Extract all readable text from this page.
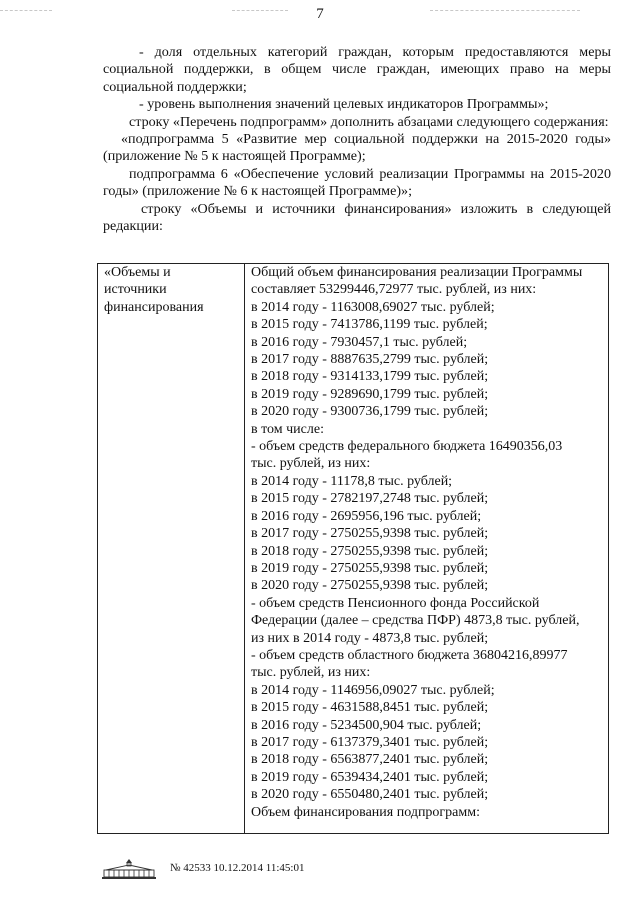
7

- доля отдельных категорий граждан, которым предоставляются меры социальной поддержки, в общем числе граждан, имеющих право на меры социальной поддержки;

- уровень выполнения значений целевых индикаторов Программы»;

строку «Перечень подпрограмм» дополнить абзацами следующего содержания:

«подпрограмма 5 «Развитие мер социальной поддержки на 2015-2020 годы» (приложение № 5 к настоящей Программе);

подпрограмма 6 «Обеспечение условий реализации Программы на 2015-2020 годы» (приложение № 6 к настоящей Программе)»;

строку «Объемы и источники финансирования» изложить в следующей редакции:

«Объемы и
источники
финансирования

Общий объем финансирования реализации Программы
составляет 53299446,72977 тыс. рублей, из них:
в 2014 году - 1163008,69027 тыс. рублей;
в 2015 году - 7413786,1199 тыс. рублей;
в 2016 году - 7930457,1 тыс. рублей;
в 2017 году - 8887635,2799 тыс. рублей;
в 2018 году - 9314133,1799 тыс. рублей;
в 2019 году - 9289690,1799 тыс. рублей;
в 2020 году - 9300736,1799 тыс. рублей;
в том числе:
- объем средств федерального бюджета 16490356,03
тыс. рублей, из них:
в 2014 году - 11178,8 тыс. рублей;
в 2015 году - 2782197,2748 тыс. рублей;
в 2016 году - 2695956,196 тыс. рублей;
в 2017 году - 2750255,9398 тыс. рублей;
в 2018 году - 2750255,9398 тыс. рублей;
в 2019 году - 2750255,9398 тыс. рублей;
в 2020 году - 2750255,9398 тыс. рублей;
- объем средств Пенсионного фонда Российской
Федерации (далее – средства ПФР) 4873,8 тыс. рублей,
из них в 2014 году - 4873,8 тыс. рублей;
- объем средств областного бюджета 36804216,89977
тыс. рублей, из них:
в 2014 году - 1146956,09027 тыс. рублей;
в 2015 году - 4631588,8451 тыс. рублей;
в 2016 году - 5234500,904 тыс. рублей;
в 2017 году - 6137379,3401 тыс. рублей;
в 2018 году - 6563877,2401 тыс. рублей;
в 2019 году - 6539434,2401 тыс. рублей;
в 2020 году - 6550480,2401 тыс. рублей;
Объем финансирования подпрограмм:
№ 42533 10.12.2014 11:45:01
